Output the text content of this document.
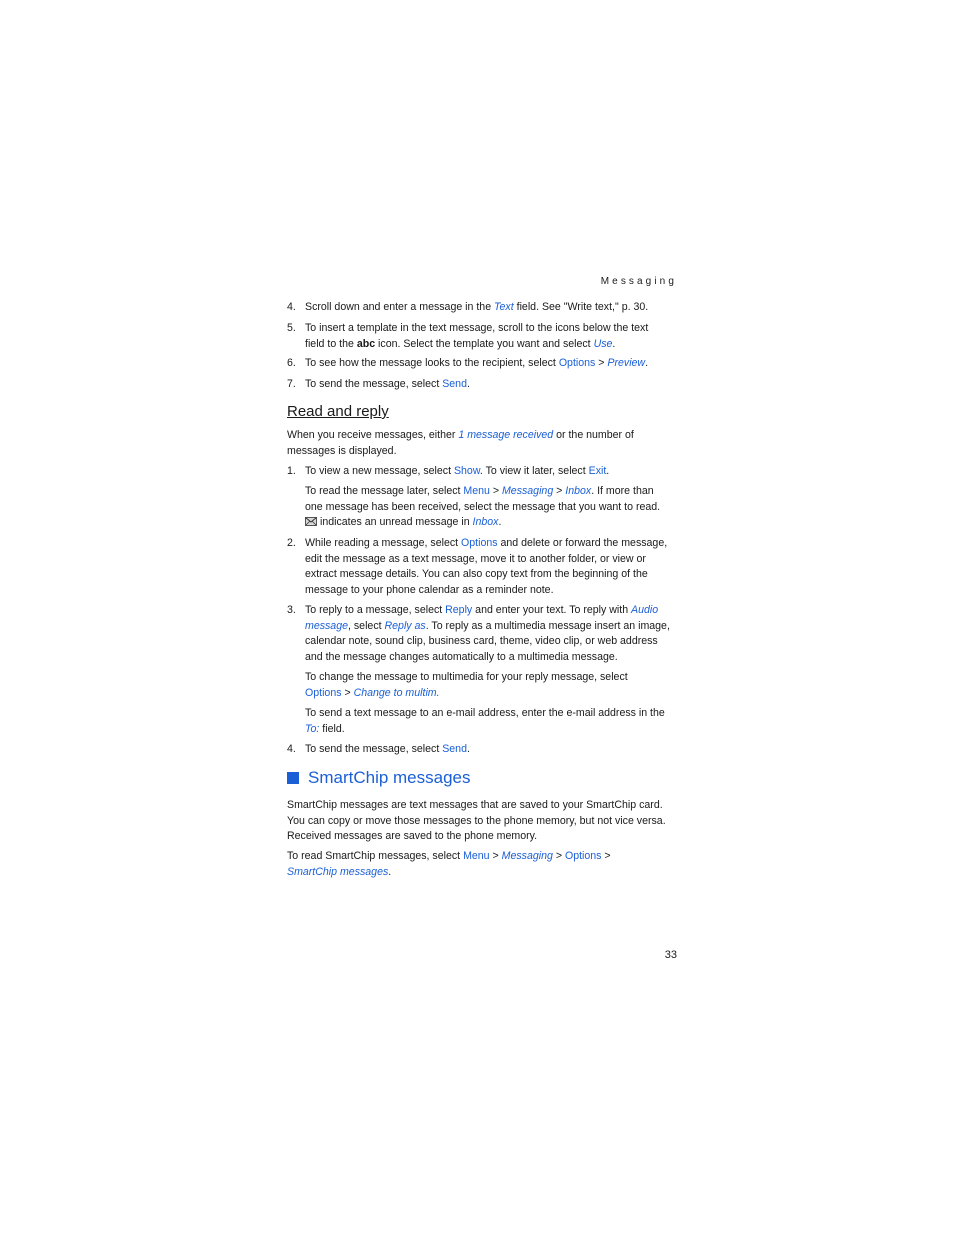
Messaging
4. Scroll down and enter a message in the Text field. See "Write text," p. 30.
5. To insert a template in the text message, scroll to the icons below the text
field to the abc icon. Select the template you want and select Use.
6. To see how the message looks to the recipient, select Options > Preview.
7. To send the message, select Send.
Read and reply
When you receive messages, either 1 message received or the number of
messages is displayed.
1. To view a new message, select Show. To view it later, select Exit.
To read the message later, select Menu > Messaging > Inbox. If more than
one message has been received, select the message that you want to read.
indicates an unread message in Inbox.
2. While reading a message, select Options and delete or forward the message,
edit the message as a text message, move it to another folder, or view or
extract message details. You can also copy text from the beginning of the
message to your phone calendar as a reminder note.
3. To reply to a message, select Reply and enter your text. To reply with Audio
message, select Reply as. To reply as a multimedia message insert an image,
calendar note, sound clip, business card, theme, video clip, or web address
and the message changes automatically to a multimedia message.
To change the message to multimedia for your reply message, select
Options > Change to multim.
To send a text message to an e-mail address, enter the e-mail address in the
To: field.
4. To send the message, select Send.
SmartChip messages
SmartChip messages are text messages that are saved to your SmartChip card.
You can copy or move those messages to the phone memory, but not vice versa.
Received messages are saved to the phone memory.
To read SmartChip messages, select Menu > Messaging > Options >
SmartChip messages.
33
